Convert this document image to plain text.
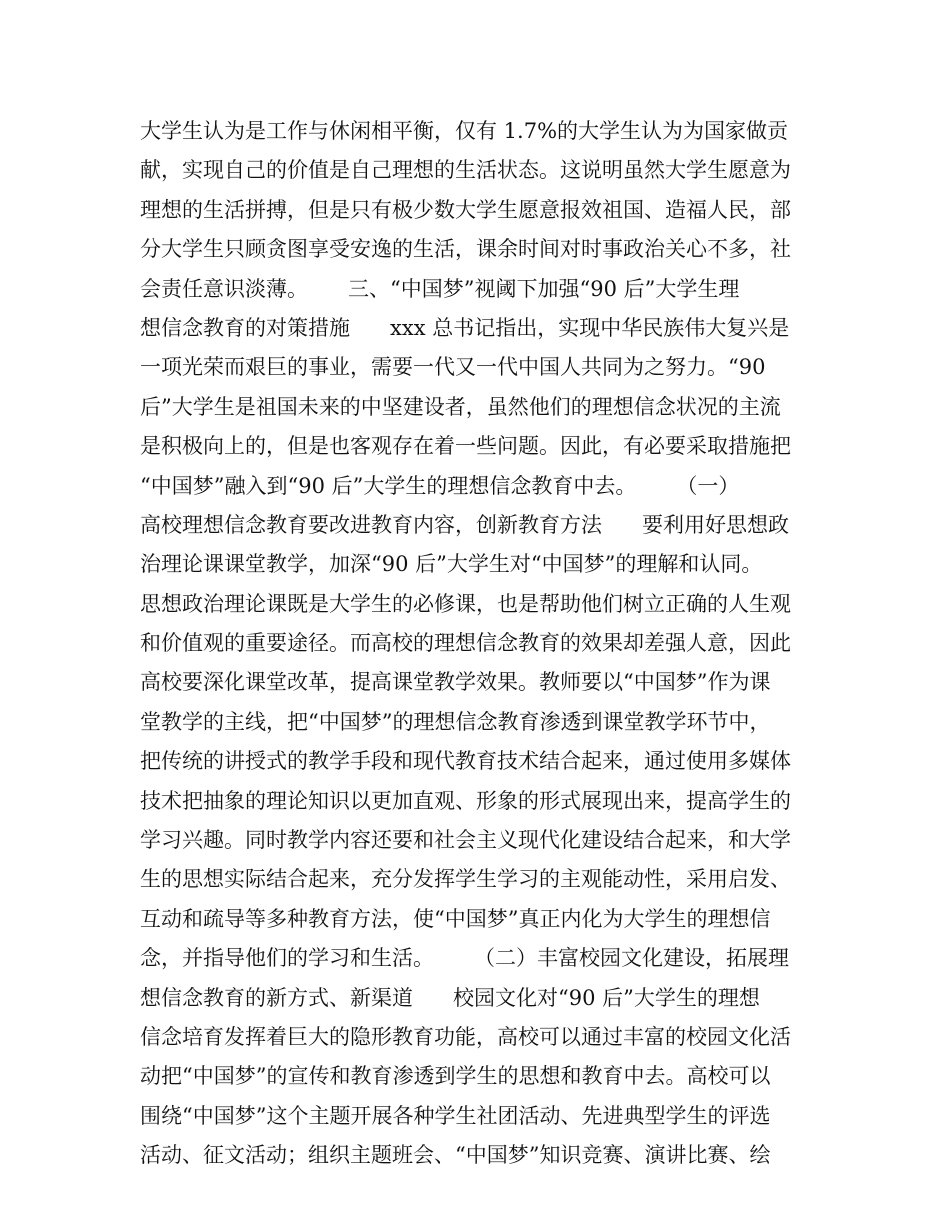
大学生认为是工作与休闲相平衡，仅有 1.7%的大学生认为为国家做贡
献，实现自己的价值是自己理想的生活状态。这说明虽然大学生愿意为
理想的生活拼搏，但是只有极少数大学生愿意报效祖国、造福人民，部
分大学生只顾贪图享受安逸的生活，课余时间对时事政治关心不多，社
会责任意识淡薄。      三、“中国梦”视阈下加强“90 后”大学生理
想信念教育的对策措施      xxx 总书记指出，实现中华民族伟大复兴是
一项光荣而艰巨的事业，需要一代又一代中国人共同为之努力。“90
后”大学生是祖国未来的中坚建设者，虽然他们的理想信念状况的主流
是积极向上的，但是也客观存在着一些问题。因此，有必要采取措施把
“中国梦”融入到“90 后”大学生的理想信念教育中去。      （一）
高校理想信念教育要改进教育内容，创新教育方法      要利用好思想政
治理论课课堂教学，加深“90 后”大学生对“中国梦”的理解和认同。
思想政治理论课既是大学生的必修课，也是帮助他们树立正确的人生观
和价值观的重要途径。而高校的理想信念教育的效果却差强人意，因此
高校要深化课堂改革，提高课堂教学效果。教师要以“中国梦”作为课
堂教学的主线，把“中国梦”的理想信念教育渗透到课堂教学环节中，
把传统的讲授式的教学手段和现代教育技术结合起来，通过使用多媒体
技术把抽象的理论知识以更加直观、形象的形式展现出来，提高学生的
学习兴趣。同时教学内容还要和社会主义现代化建设结合起来，和大学
生的思想实际结合起来，充分发挥学生学习的主观能动性，采用启发、
互动和疏导等多种教育方法，使“中国梦”真正内化为大学生的理想信
念，并指导他们的学习和生活。      （二）丰富校园文化建设，拓展理
想信念教育的新方式、新渠道      校园文化对“90 后”大学生的理想
信念培育发挥着巨大的隐形教育功能，高校可以通过丰富的校园文化活
动把“中国梦”的宣传和教育渗透到学生的思想和教育中去。高校可以
围绕“中国梦”这个主题开展各种学生社团活动、先进典型学生的评选
活动、征文活动；组织主题班会、“中国梦”知识竞赛、演讲比赛、绘
